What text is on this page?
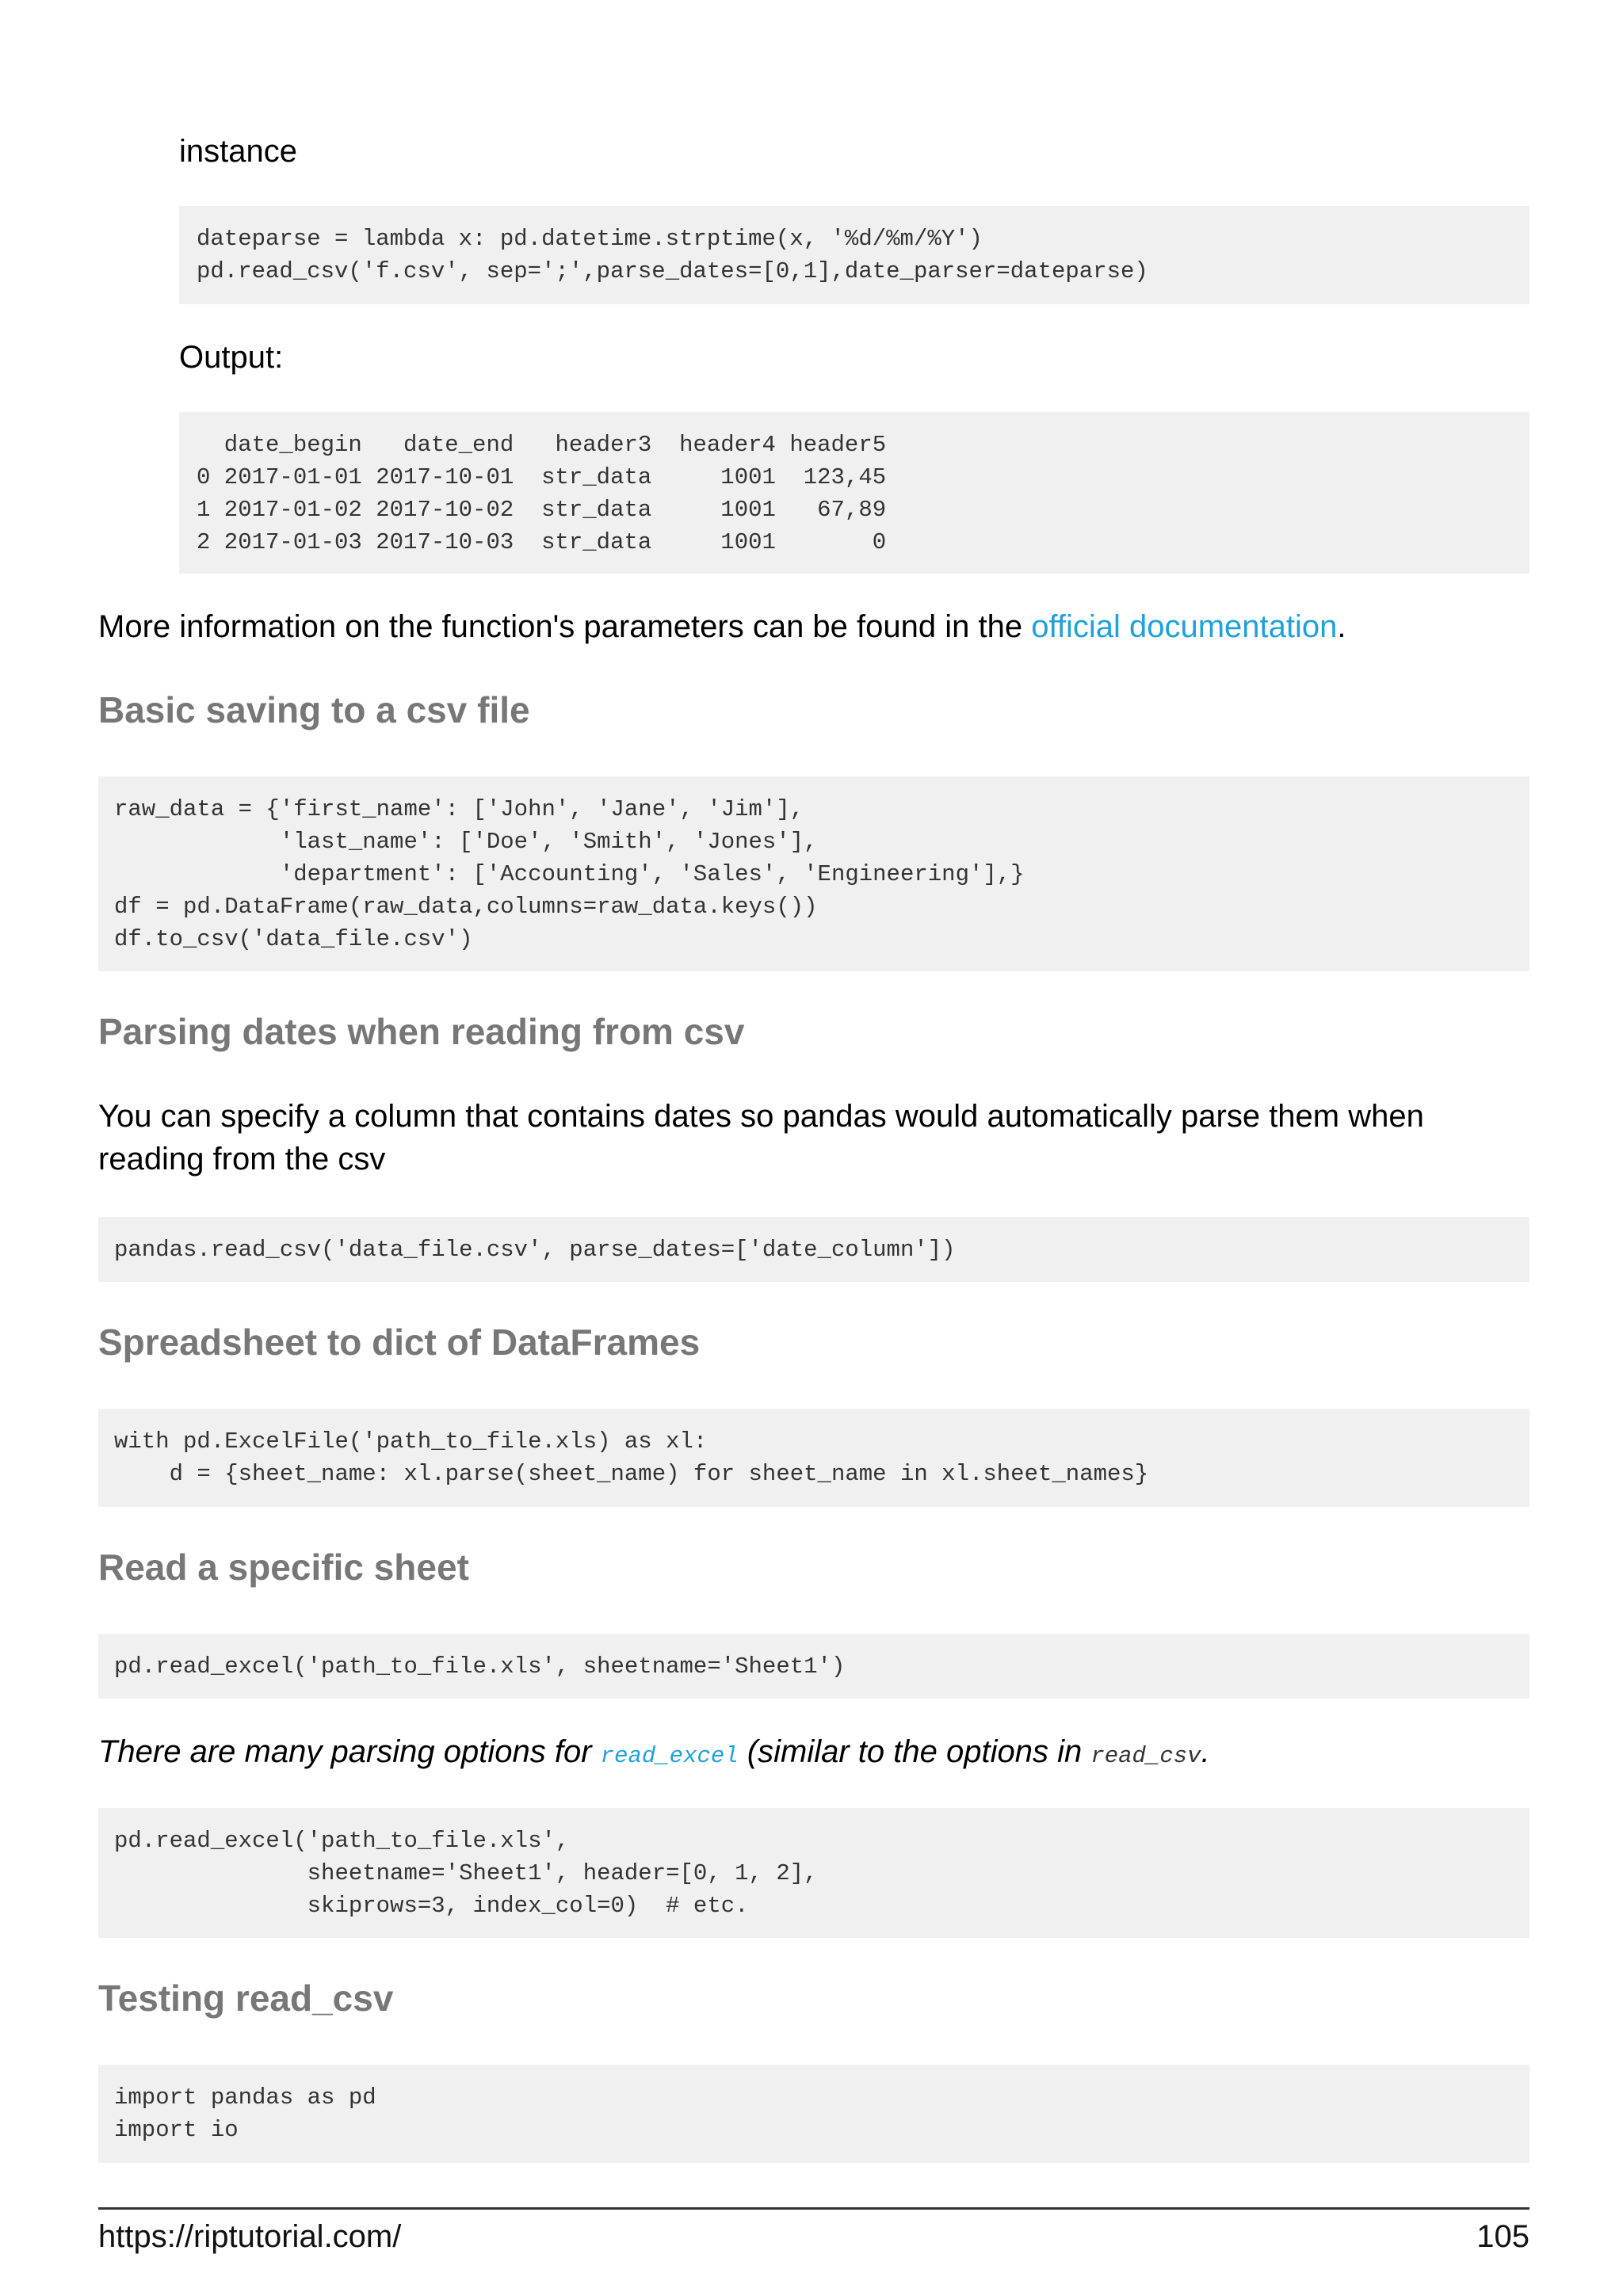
instance
dateparse = lambda x: pd.datetime.strptime(x, '%d/%m/%Y')
pd.read_csv('f.csv', sep=';',parse_dates=[0,1],date_parser=dateparse)
Output:
date_begin   date_end   header3  header4 header5
0 2017-01-01 2017-10-01  str_data     1001  123,45
1 2017-01-02 2017-10-02  str_data     1001   67,89
2 2017-01-03 2017-10-03  str_data     1001       0
More information on the function's parameters can be found in the official documentation.
Basic saving to a csv file
raw_data = {'first_name': ['John', 'Jane', 'Jim'],
'last_name': ['Doe', 'Smith', 'Jones'],
'department': ['Accounting', 'Sales', 'Engineering'],}
df = pd.DataFrame(raw_data,columns=raw_data.keys())
df.to_csv('data_file.csv')
Parsing dates when reading from csv
You can specify a column that contains dates so pandas would automatically parse them when
reading from the csv
pandas.read_csv('data_file.csv', parse_dates=['date_column'])
Spreadsheet to dict of DataFrames
with pd.ExcelFile('path_to_file.xls) as xl:
d = {sheet_name: xl.parse(sheet_name) for sheet_name in xl.sheet_names}
Read a specific sheet
pd.read_excel('path_to_file.xls', sheetname='Sheet1')
There are many parsing options for read_excel (similar to the options in read_csv.
pd.read_excel('path_to_file.xls',
sheetname='Sheet1', header=[0, 1, 2],
skiprows=3, index_col=0)  # etc.
Testing read_csv
import pandas as pd
import io
https://riptutorial.com/	105
